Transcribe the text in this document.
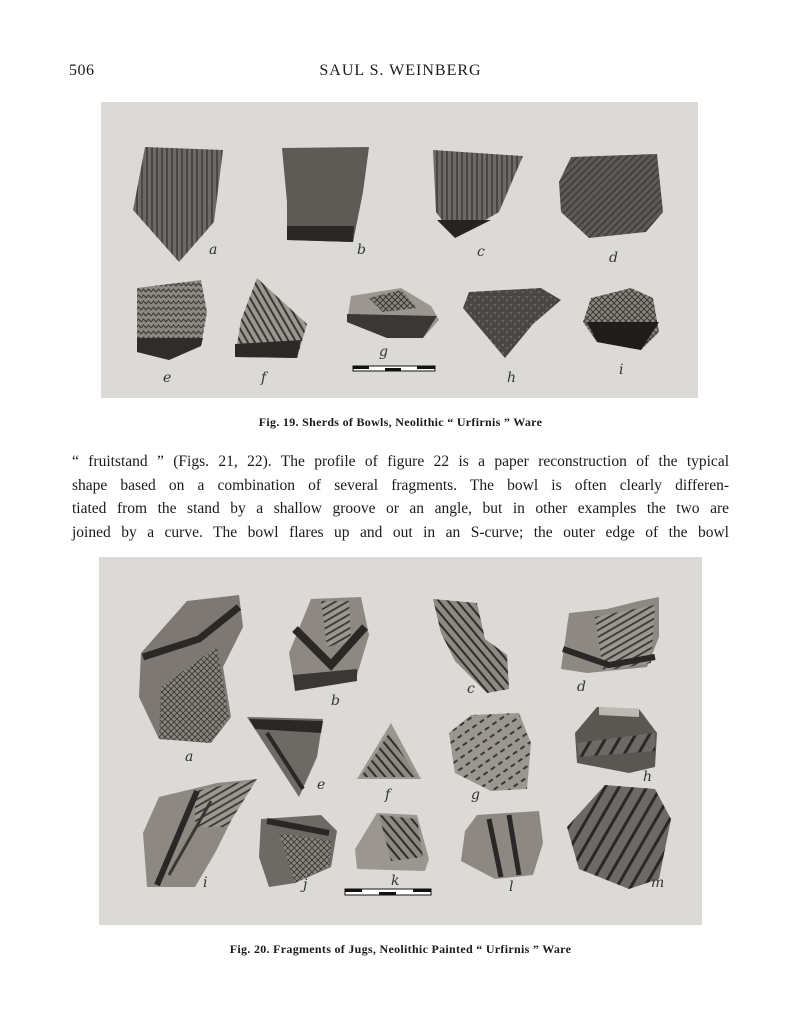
506	SAUL S. WEINBERG
a	b	c	d
e	f
g
h	i
Fig. 19. Sherds of Bowls, Neolithic “ Urfirnis ” Ware
“ fruitstand ” (Figs. 21, 22). The profile of figure 22 is a paper reconstruction of the typical
shape based on a combination of several fragments. The bowl is often clearly differen-
tiated from the stand by a shallow groove or an angle, but in other examples the two are
joined by a curve. The bowl flares up and out in an S-curve; the outer edge of the bowl
a
b
c	d
e
f	g
h
i	j	k	l	m
Fig. 20. Fragments of Jugs, Neolithic Painted “ Urfirnis ” Ware
